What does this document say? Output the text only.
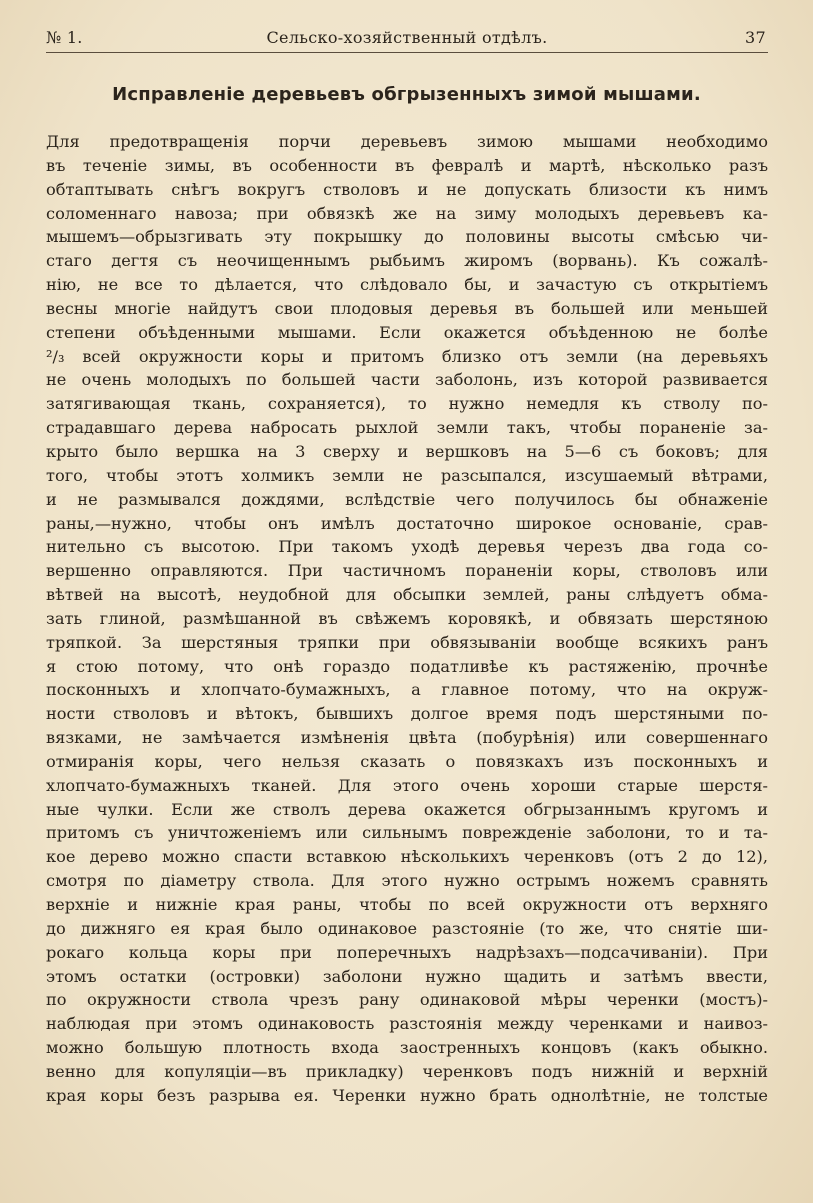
№ 1.	Сельско-хозяйственный отдѣлъ.	37
Исправленіе деревьевъ обгрызенныхъ зимой мышами.
Для предотвращенія порчи деревьевъ зимою мышами необходимо
въ теченіе зимы, въ особенности въ февралѣ и мартѣ, нѣсколько разъ
обтаптывать снѣгъ вокругъ стволовъ и не допускать близости къ нимъ
соломеннаго навоза; при обвязкѣ же на зиму молодыхъ деревьевъ ка-
мышемъ—обрызгивать эту покрышку до половины высоты смѣсью чи-
стаго дегтя съ неочищеннымъ рыбьимъ жиромъ (ворвань). Къ сожалѣ-
нію, не все то дѣлается, что слѣдовало бы, и зачастую съ открытіемъ
весны многіе найдутъ свои плодовыя деревья въ большей или меньшей
степени объѣденными мышами. Если окажется объѣденною не болѣе
²/₃ всей окружности коры и притомъ близко отъ земли (на деревьяхъ
не очень молодыхъ по большей части заболонь, изъ которой развивается
затягивающая ткань, сохраняется), то нужно немедля къ стволу по-
страдавшаго дерева набросать рыхлой земли такъ, чтобы пораненіе за-
крыто было вершка на 3 сверху и вершковъ на 5—6 съ боковъ; для
того, чтобы этотъ холмикъ земли не разсыпался, изсушаемый вѣтрами,
и не размывался дождями, вслѣдствіе чего получилось бы обнаженіе
раны,—нужно, чтобы онъ имѣлъ достаточно широкое основаніе, срав-
нительно съ высотою. При такомъ уходѣ деревья черезъ два года со-
вершенно оправляются. При частичномъ пораненіи коры, стволовъ или
вѣтвей на высотѣ, неудобной для обсыпки землей, раны слѣдуетъ обма-
зать глиной, размѣшанной въ свѣжемъ коровякѣ, и обвязать шерстяною
тряпкой. За шерстяныя тряпки при обвязываніи вообще всякихъ ранъ
я стою потому, что онѣ гораздо податливѣе къ растяженію, прочнѣе
посконныхъ и хлопчато-бумажныхъ, а главное потому, что на окруж-
ности стволовъ и вѣтокъ, бывшихъ долгое время подъ шерстяными по-
вязками, не замѣчается измѣненія цвѣта (побурѣнія) или совершеннаго
отмиранія коры, чего нельзя сказать о повязкахъ изъ посконныхъ и
хлопчато-бумажныхъ тканей. Для этого очень хороши старые шерстя-
ные чулки. Если же стволъ дерева окажется обгрызаннымъ кругомъ и
притомъ съ уничтоженіемъ или сильнымъ поврежденіе заболони, то и та-
кое дерево можно спасти вставкою нѣсколькихъ черенковъ (отъ 2 до 12),
смотря по діаметру ствола. Для этого нужно острымъ ножемъ сравнять
верхніе и нижніе края раны, чтобы по всей окружности отъ верхняго
до дижняго ея края было одинаковое разстояніе (то же, что снятіе ши-
рокаго кольца коры при поперечныхъ надрѣзахъ—подсачиваніи). При
этомъ остатки (островки) заболони нужно щадить и затѣмъ ввести,
по окружности ствола чрезъ рану одинаковой мѣры черенки (мостъ)-
наблюдая при этомъ одинаковость разстоянія между черенками и наивоз-
можно большую плотность входа заостренныхъ концовъ (какъ обыкно.
венно для копуляціи—въ прикладку) черенковъ подъ нижній и верхній
края коры безъ разрыва ея. Черенки нужно брать однолѣтніе, не толстые
